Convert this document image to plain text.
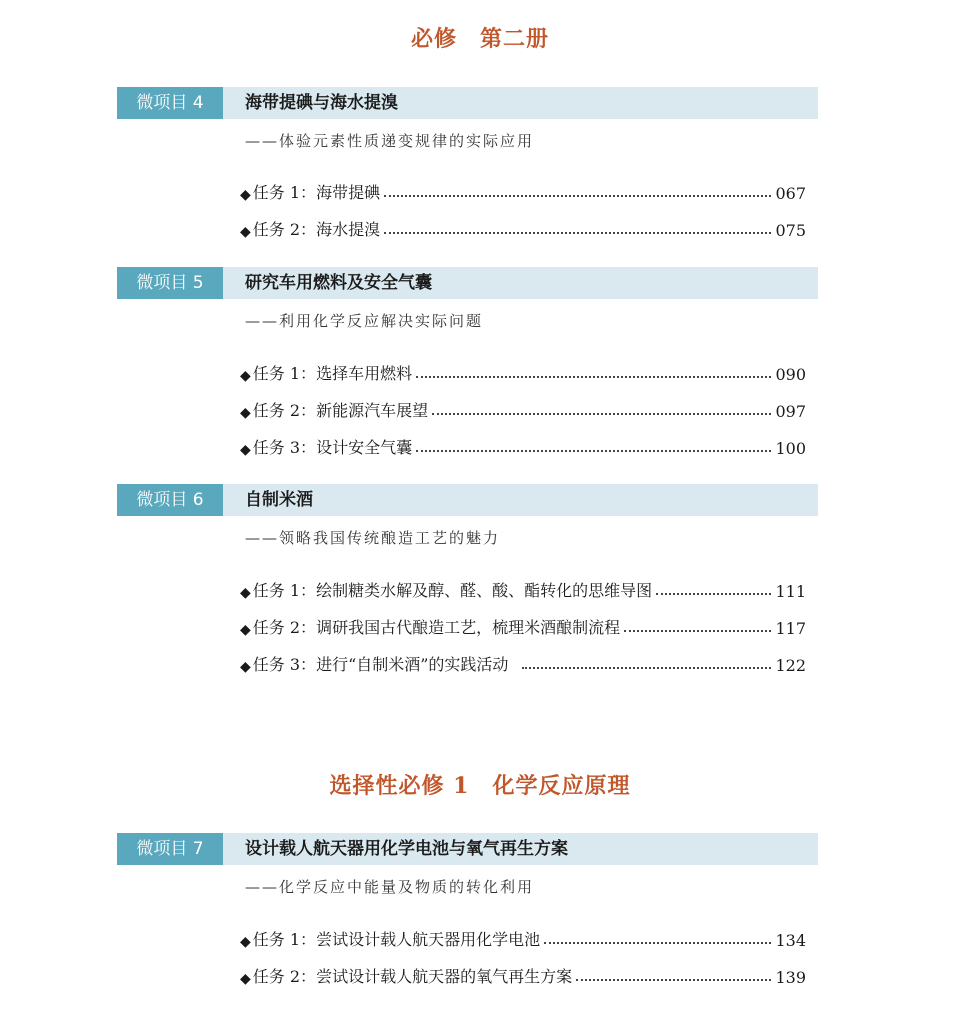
必修　第二册
微项目 4	海带提碘与海水提溴
——体验元素性质递变规律的实际应用
◆ 任务 1： 海带提碘	067
◆ 任务 2： 海水提溴	075
微项目 5	研究车用燃料及安全气囊
——利用化学反应解决实际问题
◆ 任务 1： 选择车用燃料	090
◆ 任务 2： 新能源汽车展望	097
◆ 任务 3： 设计安全气囊	100
微项目 6	自制米酒
——领略我国传统酿造工艺的魅力
◆ 任务 1： 绘制糖类水解及醇、醛、酸、酯转化的思维导图	111
◆ 任务 2： 调研我国古代酿造工艺，梳理米酒酿制流程	117
◆ 任务 3： 进行“自制米酒”的实践活动	122
选择性必修 1　化学反应原理
微项目 7	设计载人航天器用化学电池与氧气再生方案
——化学反应中能量及物质的转化利用
◆ 任务 1： 尝试设计载人航天器用化学电池	134
◆ 任务 2： 尝试设计载人航天器的氧气再生方案	139
